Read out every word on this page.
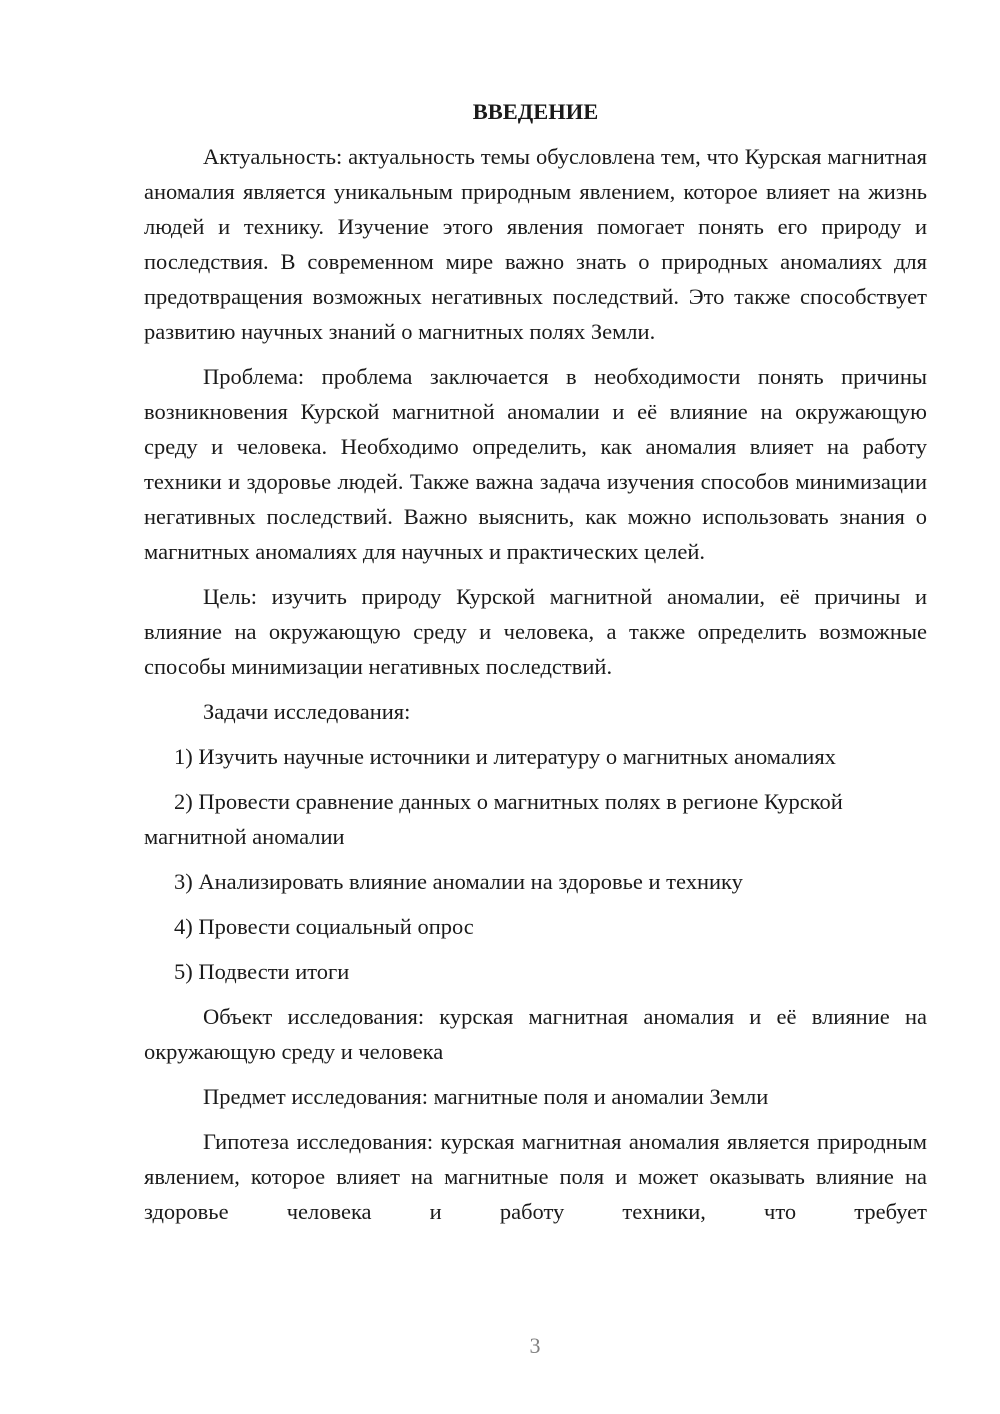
ВВЕДЕНИЕ

Актуальность: актуальность темы обусловлена тем, что Курская магнитная аномалия является уникальным природным явлением, которое влияет на жизнь людей и технику. Изучение этого явления помогает понять его природу и последствия. В современном мире важно знать о природных аномалиях для предотвращения возможных негативных последствий. Это также способствует развитию научных знаний о магнитных полях Земли.

Проблема: проблема заключается в необходимости понять причины возникновения Курской магнитной аномалии и её влияние на окружающую среду и человека. Необходимо определить, как аномалия влияет на работу техники и здоровье людей. Также важна задача изучения способов минимизации негативных последствий. Важно выяснить, как можно использовать знания о магнитных аномалиях для научных и практических целей.

Цель: изучить природу Курской магнитной аномалии, её причины и влияние на окружающую среду и человека, а также определить возможные способы минимизации негативных последствий.

Задачи исследования:

1) Изучить научные источники и литературу о магнитных аномалиях

2) Провести сравнение данных о магнитных полях в регионе Курской магнитной аномалии

3) Анализировать влияние аномалии на здоровье и технику

4) Провести социальный опрос

5) Подвести итоги

Объект исследования: курская магнитная аномалия и её влияние на окружающую среду и человека

Предмет исследования: магнитные поля и аномалии Земли

Гипотеза исследования: курская магнитная аномалия является природным явлением, которое влияет на магнитные поля и может оказывать влияние на здоровье человека и работу техники, что требует

3
